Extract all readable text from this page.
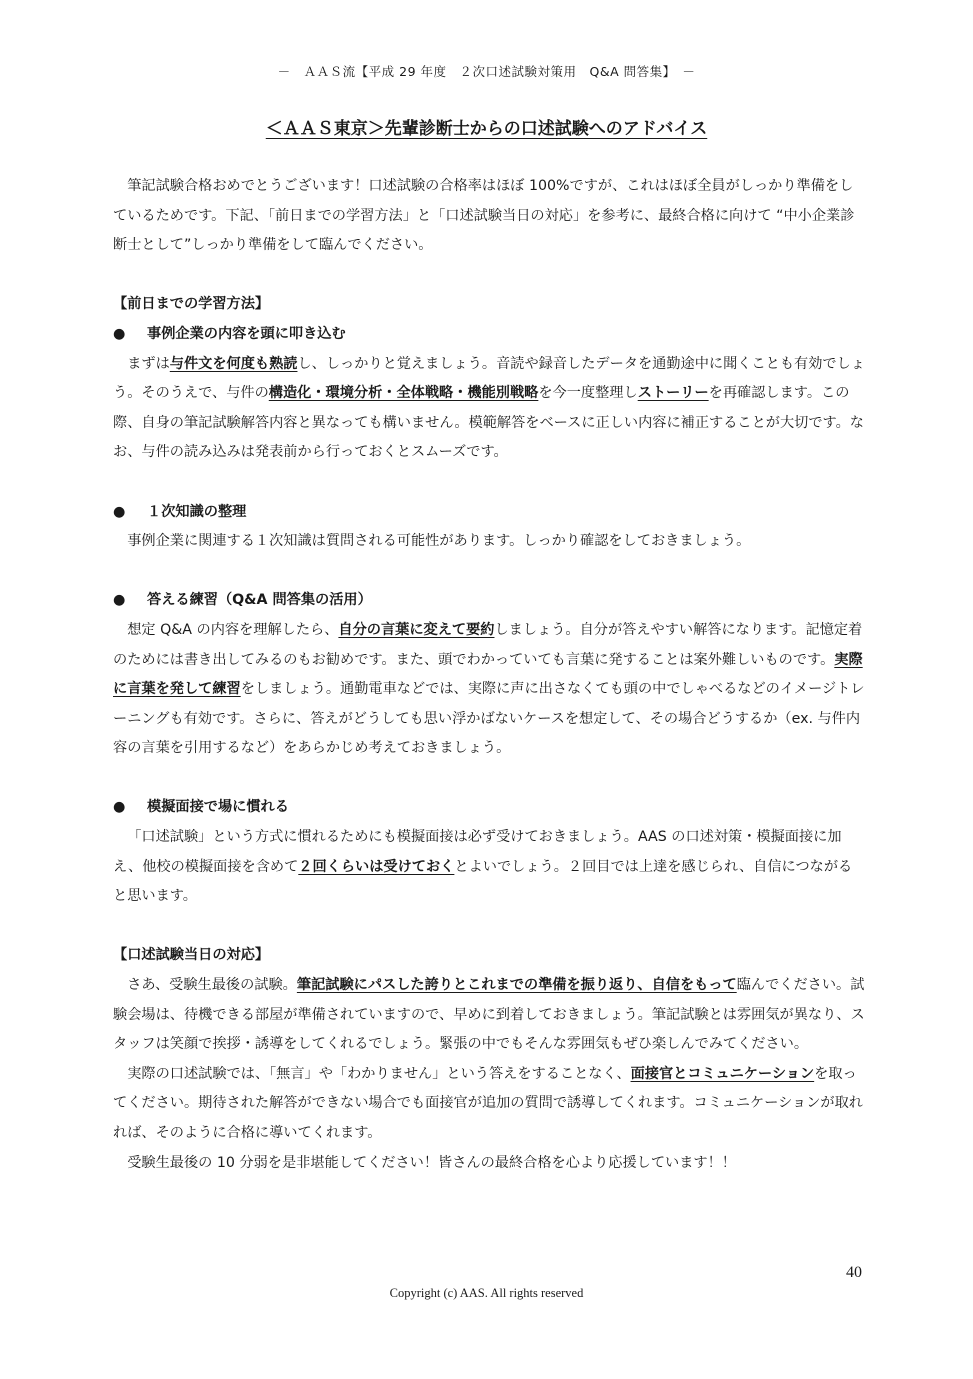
－　ＡＡＳ流【平成 29 年度　２次口述試験対策用　Q&A 問答集】　－
＜ＡＡＳ東京＞先輩診断士からの口述試験へのアドバイス

筆記試験合格おめでとうございます！口述試験の合格率はほぼ 100%ですが、これはほぼ全員がしっかり準備をしているためです。下記、「前日までの学習方法」と「口述試験当日の対応」を参考に、最終合格に向けて “中小企業診断士として”しっかり準備をして臨んでください。

【前日までの学習方法】

●	事例企業の内容を頭に叩き込む

まずは与件文を何度も熟読し、しっかりと覚えましょう。音読や録音したデータを通勤途中に聞くことも有効でしょう。そのうえで、与件の構造化・環境分析・全体戦略・機能別戦略を今一度整理しストーリーを再確認します。この際、自身の筆記試験解答内容と異なっても構いません。模範解答をベースに正しい内容に補正することが大切です。なお、与件の読み込みは発表前から行っておくとスムーズです。

●	１次知識の整理

事例企業に関連する１次知識は質問される可能性があります。しっかり確認をしておきましょう。

●	答える練習（Q&A 問答集の活用）

想定 Q&A の内容を理解したら、自分の言葉に変えて要約しましょう。自分が答えやすい解答になります。記憶定着のためには書き出してみるのもお勧めです。また、頭でわかっていても言葉に発することは案外難しいものです。実際に言葉を発して練習をしましょう。通勤電車などでは、実際に声に出さなくても頭の中でしゃべるなどのイメージトレーニングも有効です。さらに、答えがどうしても思い浮かばないケースを想定して、その場合どうするか（ex. 与件内容の言葉を引用するなど）をあらかじめ考えておきましょう。

●	模擬面接で場に慣れる

「口述試験」という方式に慣れるためにも模擬面接は必ず受けておきましょう。AAS の口述対策・模擬面接に加え、他校の模擬面接を含めて２回くらいは受けておくとよいでしょう。２回目では上達を感じられ、自信につながると思います。

【口述試験当日の対応】

さあ、受験生最後の試験。筆記試験にパスした誇りとこれまでの準備を振り返り、自信をもって臨んでください。試験会場は、待機できる部屋が準備されていますので、早めに到着しておきましょう。筆記試験とは雰囲気が異なり、スタッフは笑顔で挨拶・誘導をしてくれるでしょう。緊張の中でもそんな雰囲気もぜひ楽しんでみてください。

実際の口述試験では、「無言」や「わかりません」という答えをすることなく、面接官とコミュニケーションを取ってください。期待された解答ができない場合でも面接官が追加の質問で誘導してくれます。コミュニケーションが取れれば、そのように合格に導いてくれます。

受験生最後の 10 分弱を是非堪能してください！皆さんの最終合格を心より応援しています！！

40
Copyright (c) AAS. All rights reserved
